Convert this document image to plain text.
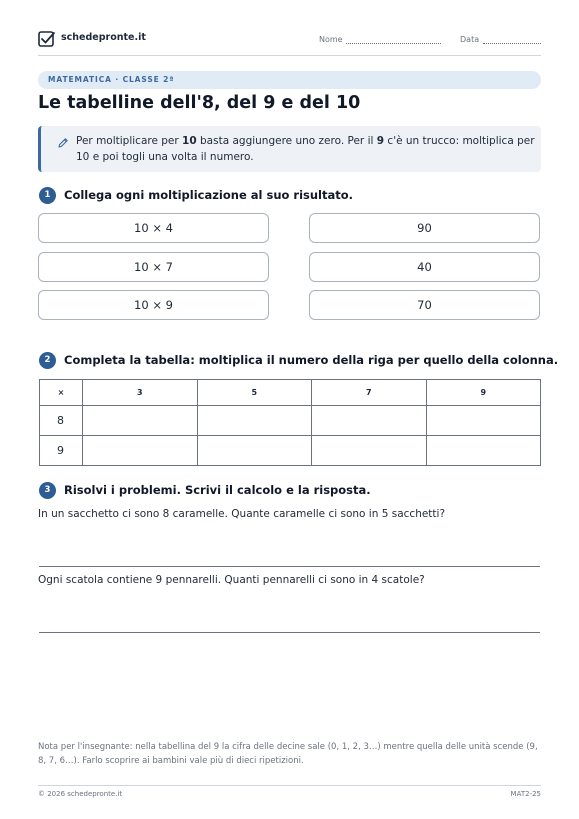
schedepronte.it	Nome	Data
MATEMATICA · CLASSE 2ª
Le tabelline dell'8, del 9 e del 10
Per moltiplicare per 10 basta aggiungere uno zero. Per il 9 c'è un trucco: moltiplica per 10 e poi togli una volta il numero.
1	Collega ogni moltiplicazione al suo risultato.
10 × 4
10 × 7
10 × 9
90
40
70
2	Completa la tabella: moltiplica il numero della riga per quello della colonna.
×	3	5	7	9
8				
9				
3	Risolvi i problemi. Scrivi il calcolo e la risposta.
In un sacchetto ci sono 8 caramelle. Quante caramelle ci sono in 5 sacchetti?
Ogni scatola contiene 9 pennarelli. Quanti pennarelli ci sono in 4 scatole?
Nota per l'insegnante: nella tabellina del 9 la cifra delle decine sale (0, 1, 2, 3…) mentre quella delle unità scende (9, 8, 7, 6…). Farlo scoprire ai bambini vale più di dieci ripetizioni.
© 2026 schedepronte.it	MAT2-25
